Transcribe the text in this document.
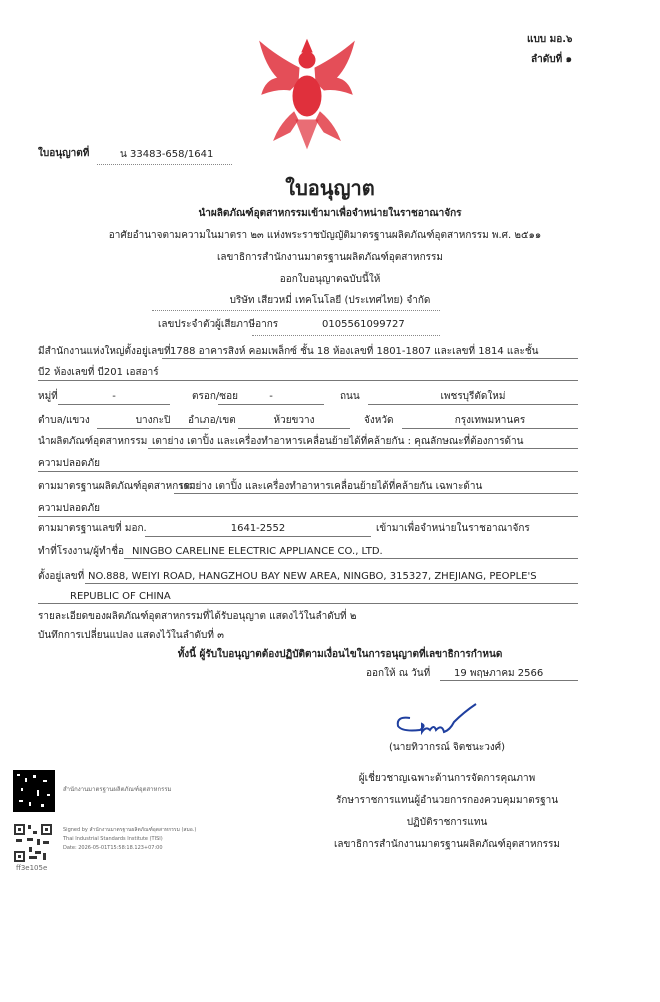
แบบ มอ.๖
ลำดับที่ ๑
ใบอนุญาตที่	น 33483-658/1641
ใบอนุญาต
นำผลิตภัณฑ์อุตสาหกรรมเข้ามาเพื่อจำหน่ายในราชอาณาจักร
อาศัยอำนาจตามความในมาตรา ๒๓ แห่งพระราชบัญญัติมาตรฐานผลิตภัณฑ์อุตสาหกรรม พ.ศ. ๒๕๑๑
เลขาธิการสำนักงานมาตรฐานผลิตภัณฑ์อุตสาหกรรม
ออกใบอนุญาตฉบับนี้ให้
บริษัท เสียวหมี่ เทคโนโลยี (ประเทศไทย) จำกัด
เลขประจำตัวผู้เสียภาษีอากร	0105561099727
มีสำนักงานแห่งใหญ่ตั้งอยู่เลขที่ 1788 อาคารสิงห์ คอมเพล็กซ์ ชั้น 18 ห้องเลขที่ 1801-1807 และเลขที่ 1814 และชั้น
บี2 ห้องเลขที่ บี201 เอสอาร์
หมู่ที่	-	ตรอก/ซอย	-	ถนน	เพชรบุรีตัดใหม่
ตำบล/แขวง	บางกะปิ	อำเภอ/เขต	ห้วยขวาง	จังหวัด	กรุงเทพมหานคร
นำผลิตภัณฑ์อุตสาหกรรม เตาย่าง เตาปิ้ง และเครื่องทำอาหารเคลื่อนย้ายได้ที่คล้ายกัน : คุณลักษณะที่ต้องการด้าน
ความปลอดภัย
ตามมาตรฐานผลิตภัณฑ์อุตสาหกรรม
เตาย่าง เตาปิ้ง และเครื่องทำอาหารเคลื่อนย้ายได้ที่คล้ายกัน เฉพาะด้าน
ความปลอดภัย
ตามมาตรฐานเลขที่ มอก.	1641-2552	เข้ามาเพื่อจำหน่ายในราชอาณาจักร
ทำที่โรงงาน/ผู้ทำชื่อ NINGBO CARELINE ELECTRIC APPLIANCE CO., LTD.
ตั้งอยู่เลขที่ NO.888, WEIYI ROAD, HANGZHOU BAY NEW AREA, NINGBO, 315327, ZHEJIANG, PEOPLE'S
REPUBLIC OF CHINA
รายละเอียดของผลิตภัณฑ์อุตสาหกรรมที่ได้รับอนุญาต แสดงไว้ในลำดับที่ ๒
บันทึกการเปลี่ยนแปลง แสดงไว้ในลำดับที่ ๓
ทั้งนี้ ผู้รับใบอนุญาตต้องปฏิบัติตามเงื่อนไขในการอนุญาตที่เลขาธิการกำหนด
ออกให้ ณ วันที่	19 พฤษภาคม 2566
(นายทิวากรณ์ จิตชนะวงศ์)
ผู้เชี่ยวชาญเฉพาะด้านการจัดการคุณภาพ
รักษาราชการแทนผู้อำนวยการกองควบคุมมาตรฐาน
ปฏิบัติราชการแทน
เลขาธิการสำนักงานมาตรฐานผลิตภัณฑ์อุตสาหกรรม
สำนักงานมาตรฐานผลิตภัณฑ์อุตสาหกรรม
ff3e105e
Signed by สำนักงานมาตรฐานผลิตภัณฑ์อุตสาหกรรม (สมอ.)
Thai Industrial Standards Institute (TISI)
Date: 2026-05-01T15:58:18.123+07:00
